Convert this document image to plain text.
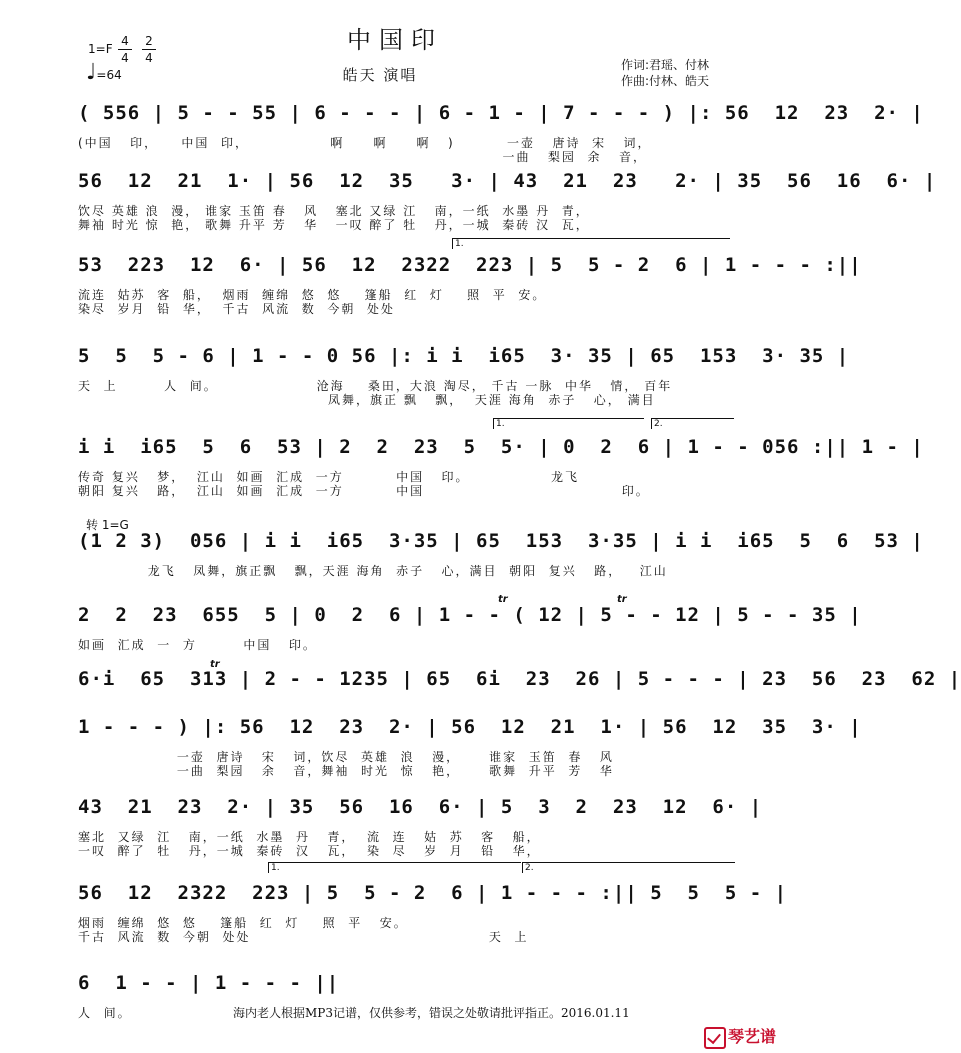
中国印
皓天 演唱
1=F
4
4
2
4
♩=64
作词:君瑶、付林
作曲:付林、皓天
( 556 | 5 - - 55 | 6 - - - | 6 - 1 - | 7 - - - ) |: 56  12  23  2· |
(中国   印，    中国  印，              啊     啊     啊   )         一壶   唐诗  宋   词，
一曲   梨园  余   音，
56  12  21  1· | 56  12  35   3· | 43  21  23   2· | 35  56  16  6· |
饮尽 英雄 浪  漫， 谁家 玉笛 春   风   塞北 又绿 江   南，一纸  水墨 丹  青，
舞袖 时光 惊  艳， 歌舞 升平 芳   华   一叹 醉了 牡   丹，一城  秦砖 汉  瓦，
53  223  12  6· | 56  12  2322  223 | 5  5 - 2  6 | 1 - - - :||
流连  姑苏  客  船，  烟雨  缠绵  悠  悠    篷船  红  灯    照  平  安。
染尽  岁月  铅  华，  千古  风流  数  今朝  处处
5  5  5 - 6 | 1 - - 0 56 |: i i  i65  3· 35 | 65  153  3· 35 |
天  上        人  间。                 沧海    桑田，大浪 淘尽， 千古 一脉  中华   情， 百年
凤舞，旗正 飘   飘，  天涯 海角  赤子   心， 满目
i i  i65  5  6  53 | 2  2  23  5  5· | 0  2  6 | 1 - - 056 :|| 1 - |
传奇 复兴   梦，  江山  如画  汇成  一方         中国   印。              龙飞
朝阳 复兴   路，  江山  如画  汇成  一方         中国                                  印。
(1 2 3)  056 | i i  i65  3·35 | 65  153  3·35 | i i  i65  5  6  53 |
龙飞   凤舞，旗正飘   飘，天涯 海角  赤子   心，满目  朝阳  复兴   路，   江山
2  2  23  655  5 | 0  2  6 | 1 - - ( 12 | 5 - - 12 | 5 - - 35 |
如画  汇成  一  方        中国   印。
6·i  65  313 | 2 - - 1235 | 65  6i  23  26 | 5 - - - | 23  56  23  62 |
1 - - - ) |: 56  12  23  2· | 56  12  21  1· | 56  12  35  3· |
一壶  唐诗   宋   词，饮尽  英雄  浪   漫，     谁家  玉笛  春   风
一曲  梨园   余   音，舞袖  时光  惊   艳，     歌舞  升平  芳   华
43  21  23  2· | 35  56  16  6· | 5  3  2  23  12  6· |
塞北  又绿  江   南，一纸  水墨  丹   青，  流  连   姑  苏   客   船，
一叹  醉了  牡   丹，一城  秦砖  汉   瓦，  染  尽   岁  月   铅   华，
56  12  2322  223 | 5  5 - 2  6 | 1 - - - :|| 5  5  5 - |
烟雨  缠绵  悠  悠    篷船  红  灯    照  平   安。
千古  风流  数  今朝  处处                                         天  上
6  1 - - | 1 - - - ||
人  间。
1.
1.	2.
1.	2.
转 1=G
tr	tr
tr
海内老人根据MP3记谱，仅供参考，错误之处敬请批评指正。2016.01.11
琴艺谱
